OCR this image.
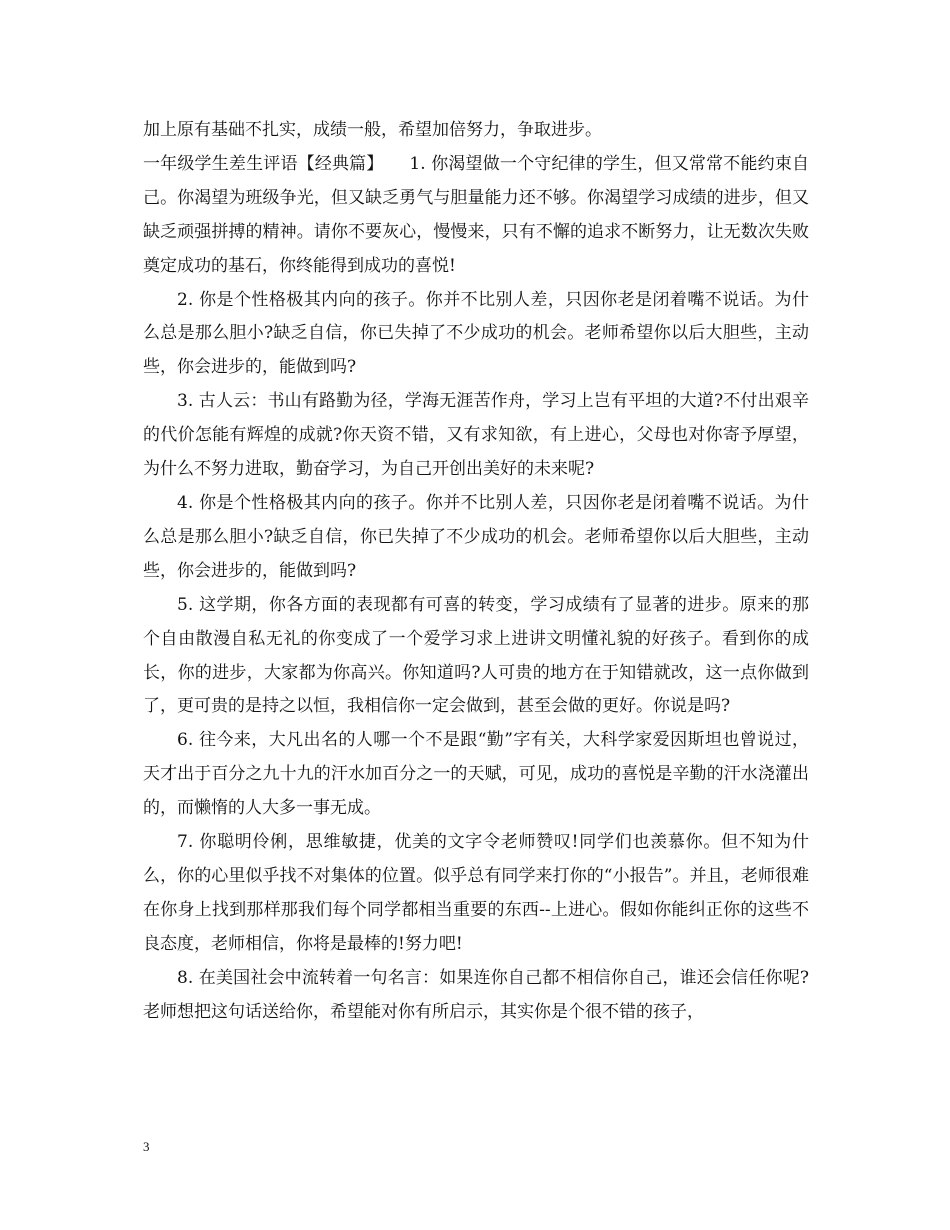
加上原有基础不扎实，成绩一般，希望加倍努力，争取进步。

一年级学生差生评语【经典篇】　　1. 你渴望做一个守纪律的学生，但又常常不能约束自己。你渴望为班级争光，但又缺乏勇气与胆量能力还不够。你渴望学习成绩的进步，但又缺乏顽强拼搏的精神。请你不要灰心，慢慢来，只有不懈的追求不断努力，让无数次失败奠定成功的基石，你终能得到成功的喜悦!

2. 你是个性格极其内向的孩子。你并不比别人差，只因你老是闭着嘴不说话。为什么总是那么胆小?缺乏自信，你已失掉了不少成功的机会。老师希望你以后大胆些，主动些，你会进步的，能做到吗?

3. 古人云：书山有路勤为径，学海无涯苦作舟，学习上岂有平坦的大道?不付出艰辛的代价怎能有辉煌的成就?你天资不错，又有求知欲，有上进心，父母也对你寄予厚望，为什么不努力进取，勤奋学习，为自己开创出美好的未来呢?

4. 你是个性格极其内向的孩子。你并不比别人差，只因你老是闭着嘴不说话。为什么总是那么胆小?缺乏自信，你已失掉了不少成功的机会。老师希望你以后大胆些，主动些，你会进步的，能做到吗?

5. 这学期，你各方面的表现都有可喜的转变，学习成绩有了显著的进步。原来的那个自由散漫自私无礼的你变成了一个爱学习求上进讲文明懂礼貌的好孩子。看到你的成长，你的进步，大家都为你高兴。你知道吗?人可贵的地方在于知错就改，这一点你做到了，更可贵的是持之以恒，我相信你一定会做到，甚至会做的更好。你说是吗?

6. 往今来，大凡出名的人哪一个不是跟“勤”字有关，大科学家爱因斯坦也曾说过，天才出于百分之九十九的汗水加百分之一的天赋，可见，成功的喜悦是辛勤的汗水浇灌出的，而懒惰的人大多一事无成。

7. 你聪明伶俐，思维敏捷，优美的文字令老师赞叹!同学们也羡慕你。但不知为什么，你的心里似乎找不对集体的位置。似乎总有同学来打你的“小报告”。并且，老师很难在你身上找到那样那我们每个同学都相当重要的东西--上进心。假如你能纠正你的这些不良态度，老师相信，你将是最棒的!努力吧!

8. 在美国社会中流转着一句名言：如果连你自己都不相信你自己，谁还会信任你呢?老师想把这句话送给你，希望能对你有所启示，其实你是个很不错的孩子，

3
